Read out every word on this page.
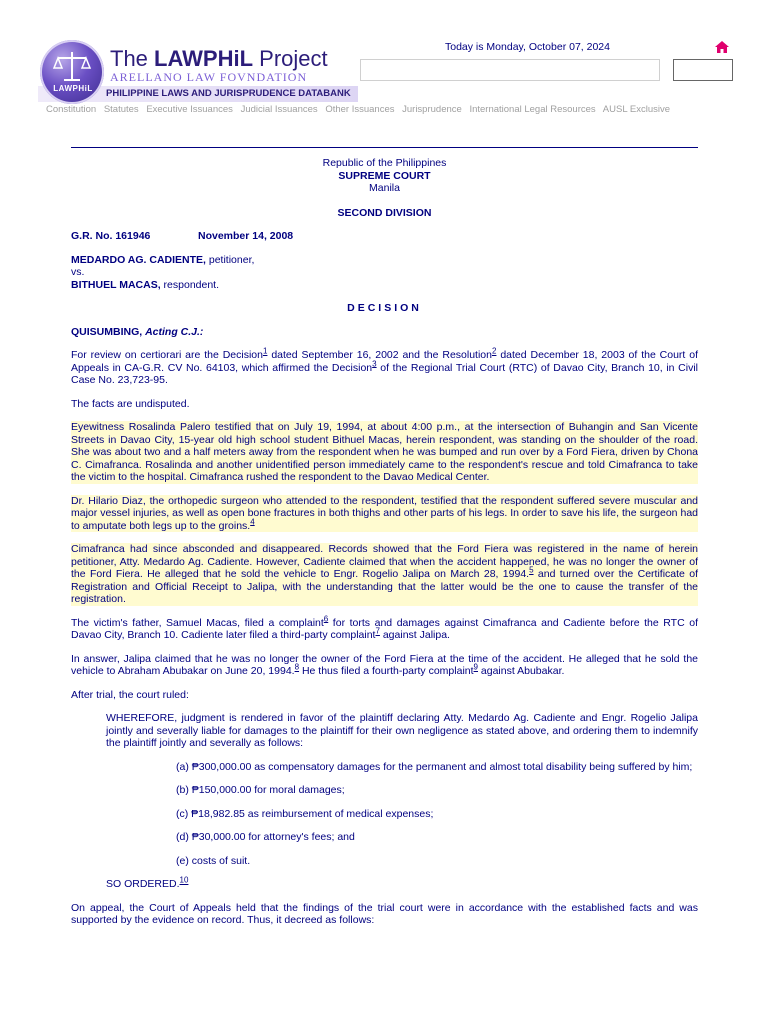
PHILIPPINE LAWS AND JURISPRUDENCE DATABANK
LAWPHiL
The LAWPHiL Project
ARELLANO LAW FOVNDATION
Today is Monday, October 07, 2024
Constitution Statutes Executive Issuances Judicial Issuances Other Issuances Jurisprudence International Legal Resources AUSL Exclusive
Republic of the Philippines
SUPREME COURT
Manila
SECOND DIVISION
G.R. No. 161946	November 14, 2008
MEDARDO AG. CADIENTE, petitioner,
vs.
BITHUEL MACAS, respondent.
DECISION
QUISUMBING, Acting C.J.:

For review on certiorari are the Decision$^1$ dated September 16, 2002 and the Resolution$^2$ dated December 18, 2003 of the Court of Appeals in CA-G.R. CV No. 64103, which affirmed the Decision$^3$ of the Regional Trial Court (RTC) of Davao City, Branch 10, in Civil Case No. 23,723-95.

The facts are undisputed.

Eyewitness Rosalinda Palero testified that on July 19, 1994, at about 4:00 p.m., at the intersection of Buhangin and San Vicente Streets in Davao City, 15-year old high school student Bithuel Macas, herein respondent, was standing on the shoulder of the road. She was about two and a half meters away from the respondent when he was bumped and run over by a Ford Fiera, driven by Chona C. Cimafranca. Rosalinda and another unidentified person immediately came to the respondent's rescue and told Cimafranca to take the victim to the hospital. Cimafranca rushed the respondent to the Davao Medical Center.

Dr. Hilario Diaz, the orthopedic surgeon who attended to the respondent, testified that the respondent suffered severe muscular and major vessel injuries, as well as open bone fractures in both thighs and other parts of his legs. In order to save his life, the surgeon had to amputate both legs up to the groins.$^4$

Cimafranca had since absconded and disappeared. Records showed that the Ford Fiera was registered in the name of herein petitioner, Atty. Medardo Ag. Cadiente. However, Cadiente claimed that when the accident happened, he was no longer the owner of the Ford Fiera. He alleged that he sold the vehicle to Engr. Rogelio Jalipa on March 28, 1994.$^5$ and turned over the Certificate of Registration and Official Receipt to Jalipa, with the understanding that the latter would be the one to cause the transfer of the registration.

The victim's father, Samuel Macas, filed a complaint$^6$ for torts and damages against Cimafranca and Cadiente before the RTC of Davao City, Branch 10. Cadiente later filed a third-party complaint$^7$ against Jalipa.

In answer, Jalipa claimed that he was no longer the owner of the Ford Fiera at the time of the accident. He alleged that he sold the vehicle to Abraham Abubakar on June 20, 1994.$^8$ He thus filed a fourth-party complaint$^9$ against Abubakar.

After trial, the court ruled:

WHEREFORE, judgment is rendered in favor of the plaintiff declaring Atty. Medardo Ag. Cadiente and Engr. Rogelio Jalipa jointly and severally liable for damages to the plaintiff for their own negligence as stated above, and ordering them to indemnify the plaintiff jointly and severally as follows:

(a) ₱300,000.00 as compensatory damages for the permanent and almost total disability being suffered by him;

(b) ₱150,000.00 for moral damages;

(c) ₱18,982.85 as reimbursement of medical expenses;

(d) ₱30,000.00 for attorney's fees; and

(e) costs of suit.

SO ORDERED.$^{10}$

On appeal, the Court of Appeals held that the findings of the trial court were in accordance with the established facts and was supported by the evidence on record. Thus, it decreed as follows:
